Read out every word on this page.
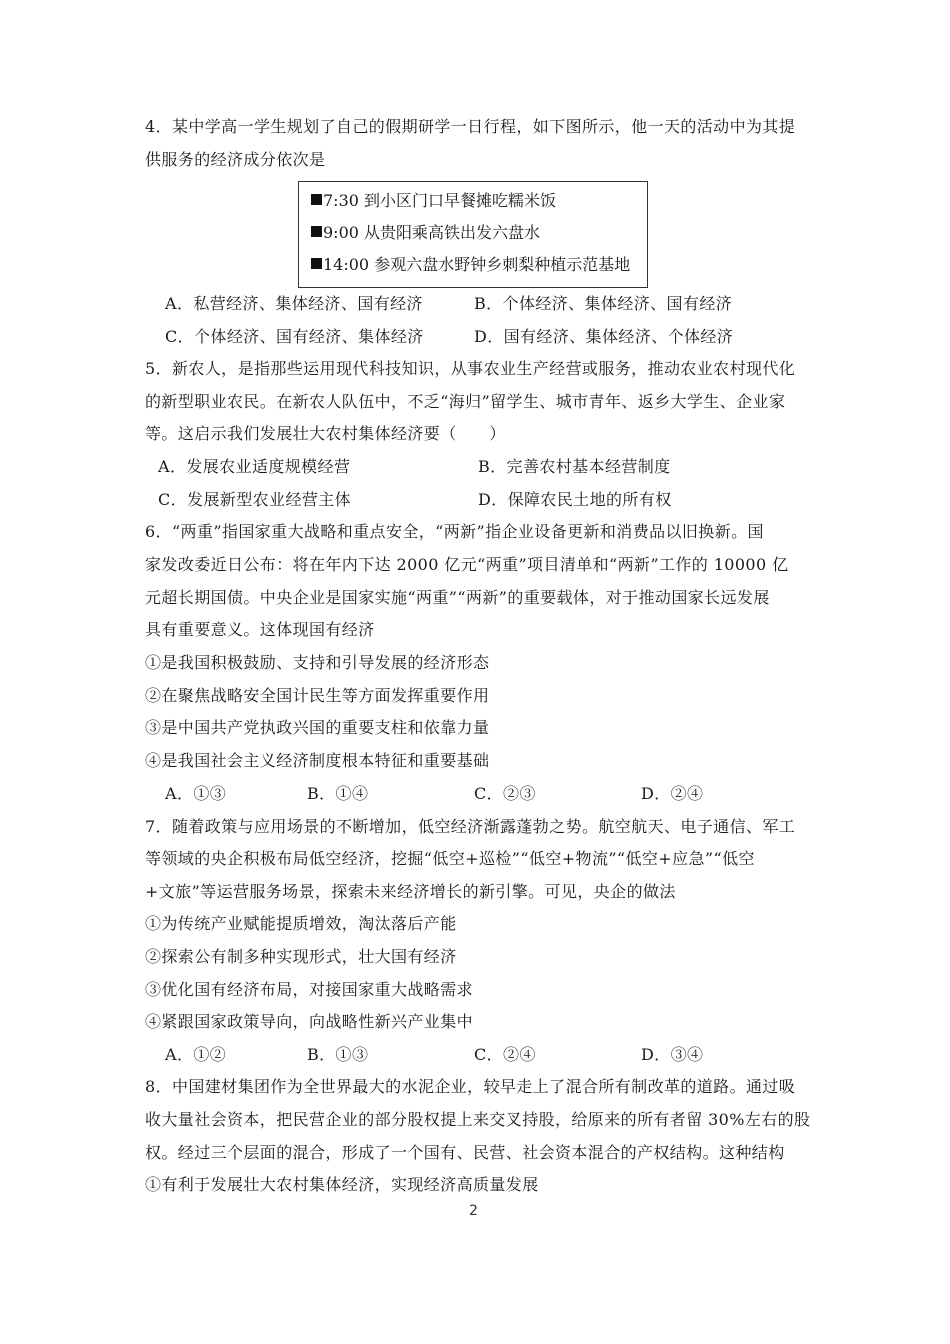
4．某中学高一学生规划了自己的假期研学一日行程，如下图所示，他一天的活动中为其提
供服务的经济成分依次是
7:30 到小区门口早餐摊吃糯米饭
9:00 从贵阳乘高铁出发六盘水
14:00 参观六盘水野钟乡刺梨种植示范基地
A．私营经济、集体经济、国有经济	B．个体经济、集体经济、国有经济
C．个体经济、国有经济、集体经济	D．国有经济、集体经济、个体经济
5．新农人，是指那些运用现代科技知识，从事农业生产经营或服务，推动农业农村现代化
的新型职业农民。在新农人队伍中，不乏“海归”留学生、城市青年、返乡大学生、企业家
等。这启示我们发展壮大农村集体经济要（　　）
A．发展农业适度规模经营	B．完善农村基本经营制度
C．发展新型农业经营主体	D．保障农民土地的所有权
6．“两重”指国家重大战略和重点安全，“两新”指企业设备更新和消费品以旧换新。国
家发改委近日公布：将在年内下达 2000 亿元“两重”项目清单和“两新”工作的 10000 亿
元超长期国债。中央企业是国家实施“两重”“两新”的重要载体，对于推动国家长远发展
具有重要意义。这体现国有经济
①是我国积极鼓励、支持和引导发展的经济形态
②在聚焦战略安全国计民生等方面发挥重要作用
③是中国共产党执政兴国的重要支柱和依靠力量
④是我国社会主义经济制度根本特征和重要基础
A．①③	B．①④	C．②③	D．②④
7．随着政策与应用场景的不断增加，低空经济渐露蓬勃之势。航空航天、电子通信、军工
等领域的央企积极布局低空经济，挖掘“低空+巡检”“低空+物流”“低空+应急”“低空
+文旅”等运营服务场景，探索未来经济增长的新引擎。可见，央企的做法
①为传统产业赋能提质增效，淘汰落后产能
②探索公有制多种实现形式，壮大国有经济
③优化国有经济布局，对接国家重大战略需求
④紧跟国家政策导向，向战略性新兴产业集中
A．①②	B．①③	C．②④	D．③④
8．中国建材集团作为全世界最大的水泥企业，较早走上了混合所有制改革的道路。通过吸
收大量社会资本，把民营企业的部分股权提上来交叉持股，给原来的所有者留 30%左右的股
权。经过三个层面的混合，形成了一个国有、民营、社会资本混合的产权结构。这种结构
①有利于发展壮大农村集体经济，实现经济高质量发展
2
